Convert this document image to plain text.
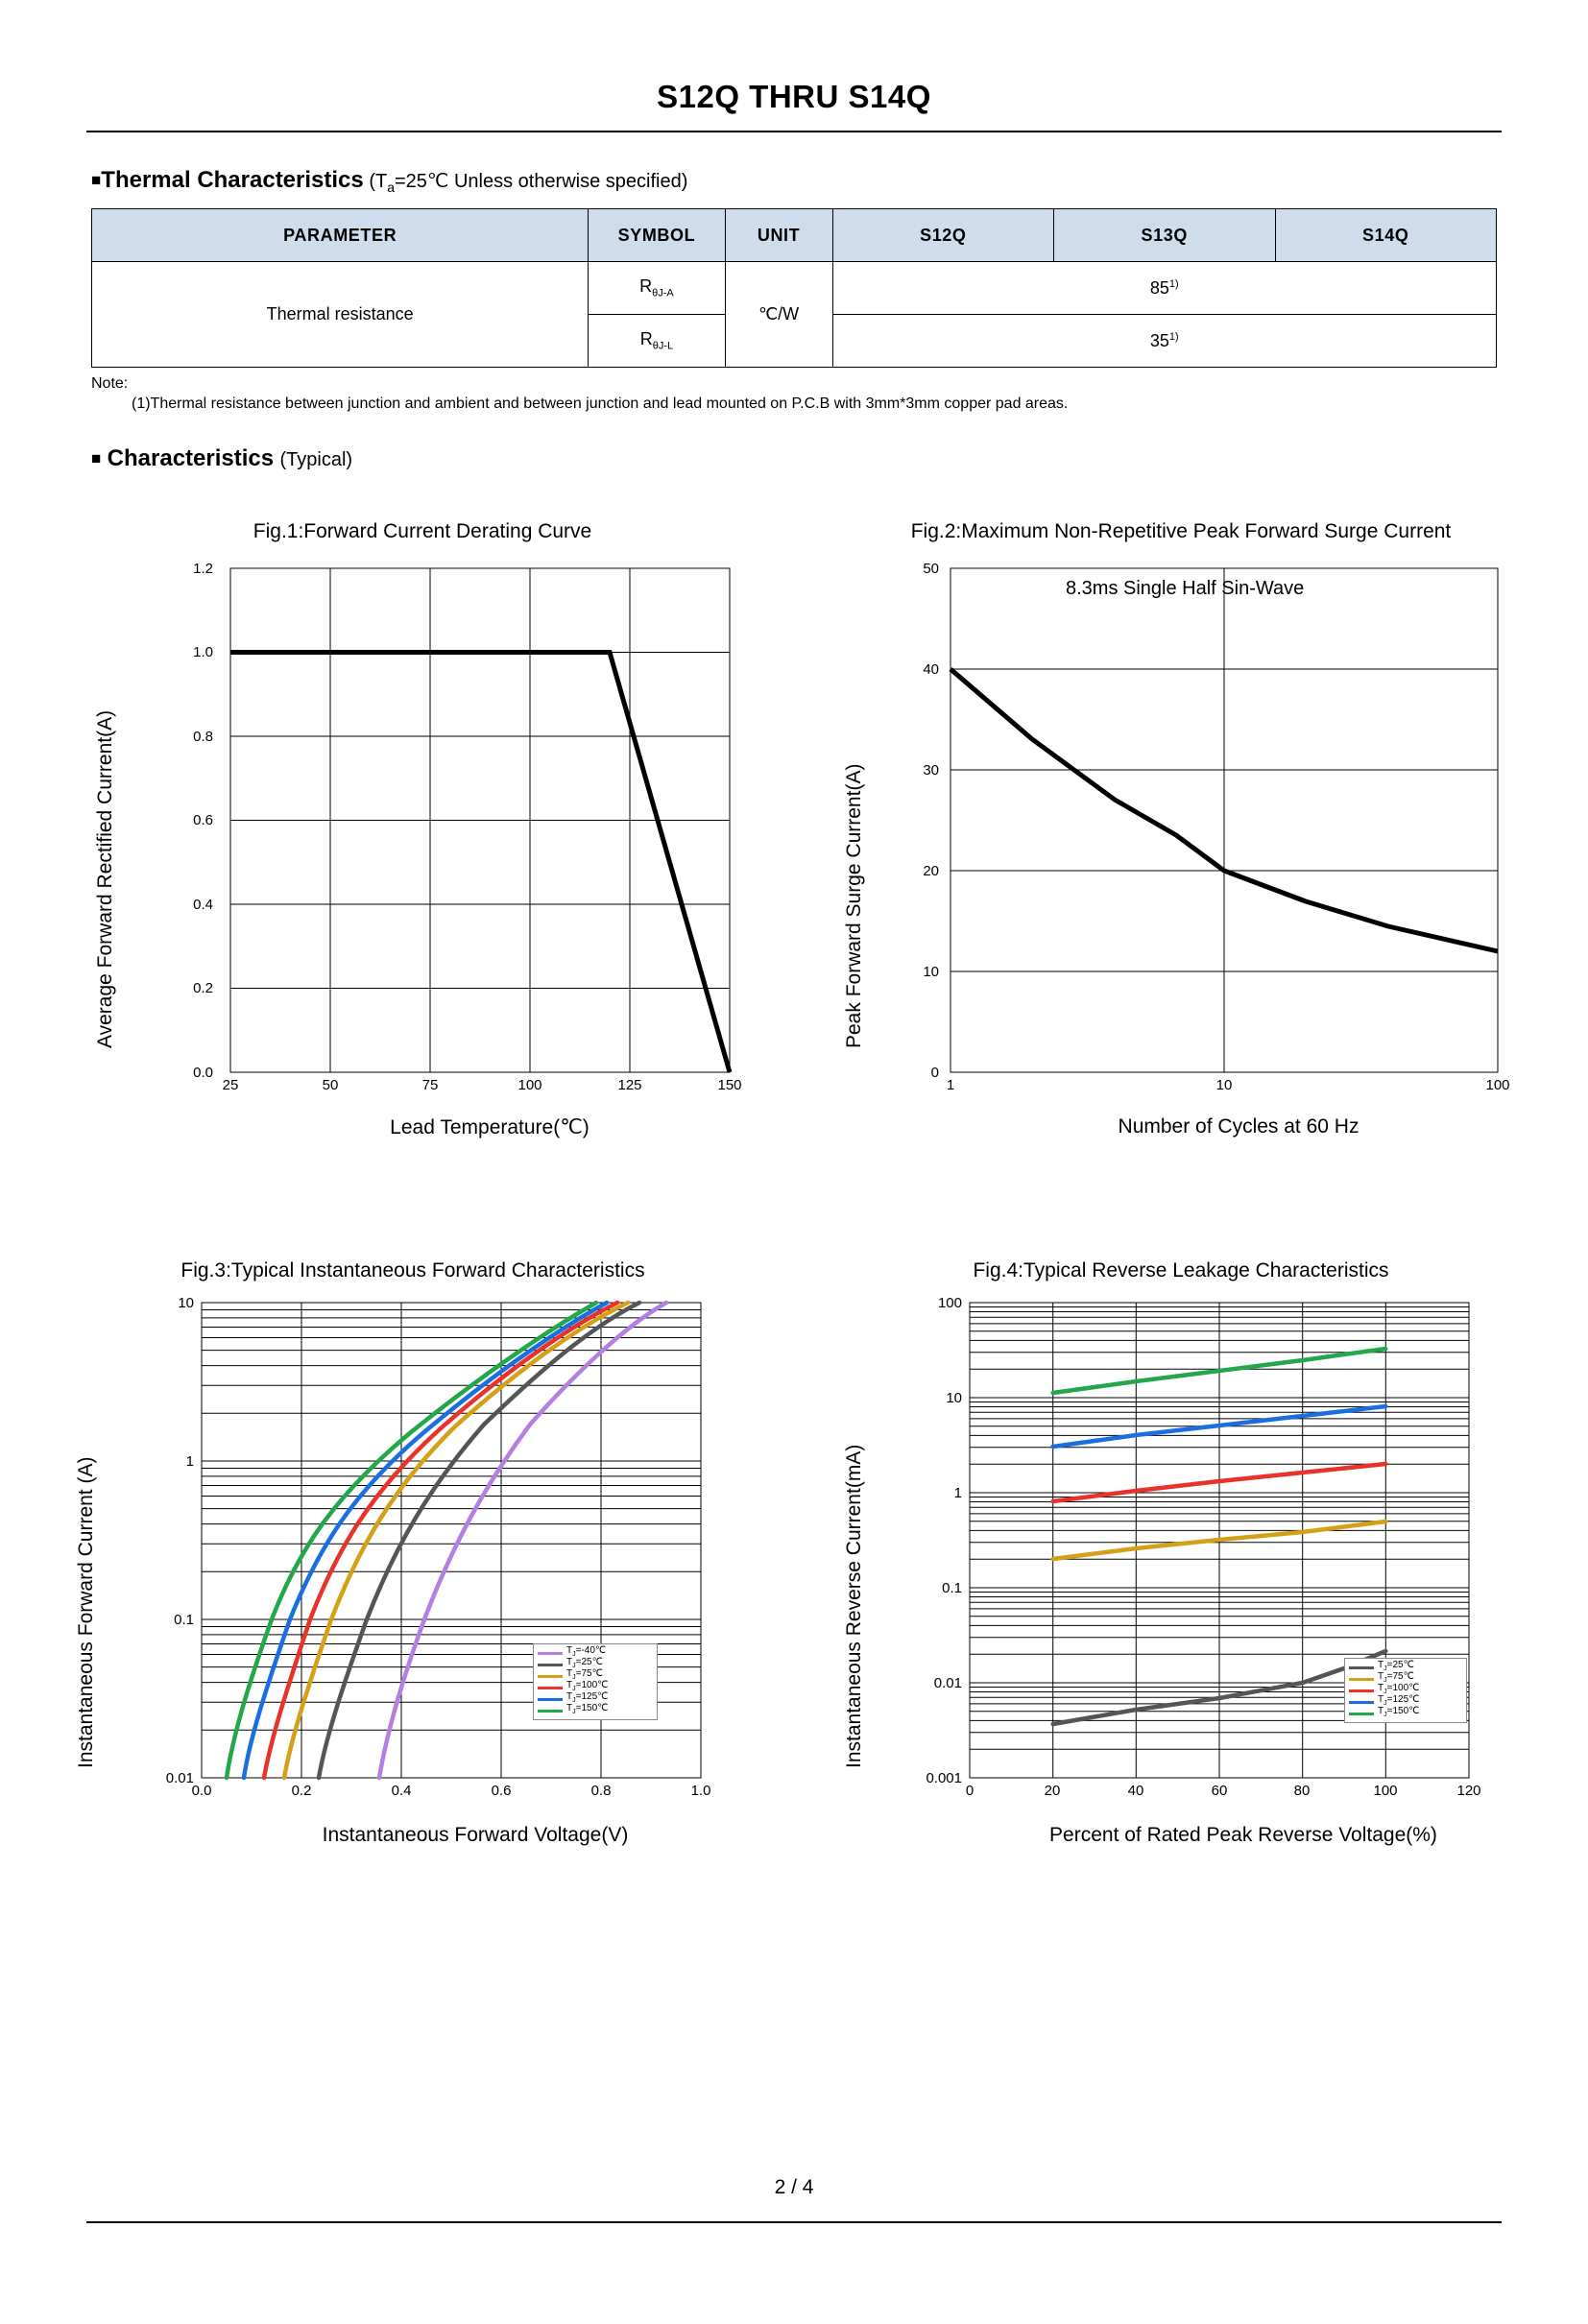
S12Q THRU S14Q
■Thermal Characteristics ($T_a=25℃$ Unless otherwise specified)
PARAMETER	SYMBOL	UNIT	S12Q	S13Q	S14Q
Thermal resistance	$R_{\theta J-A}$	℃/W	85$^{1)}$
	$R_{\theta J-L}$		35$^{1)}$
Note:
(1)Thermal resistance between junction and ambient and between junction and lead mounted on P.C.B with 3mm*3mm copper pad areas.
■ Characteristics (Typical)
Fig.1:Forward Current Derating Curve
Average Forward Rectified Current(A)
0.0
0.2
0.4
0.6
0.8
1.0
1.2
25	50	75	100	125	150
Lead Temperature(℃)
Fig.2:Maximum Non-Repetitive Peak Forward Surge Current
Peak Forward Surge Current(A)
0
10
20
30
40
50
1	10	100
8.3ms Single Half Sin-Wave
Number of Cycles at 60 Hz
Fig.3:Typical Instantaneous Forward Characteristics
Instantaneous Forward Current (A)
0.01
0.1
1
10
0.0	0.2	0.4	0.6	0.8	1.0
$T_J=-40℃$
$T_J=25℃$
$T_J=75℃$
$T_J=100℃$
$T_J=125℃$
$T_J=150℃$
Instantaneous Forward Voltage(V)
Fig.4:Typical Reverse Leakage Characteristics
Instantaneous Reverse Current(mA)
0.001
0.01
0.1
1
10
100
0	20	40	60	80	100	120
$T_J=25℃$
$T_J=75℃$
$T_J=100℃$
$T_J=125℃$
$T_J=150℃$
Percent of Rated Peak Reverse Voltage(%)
2 / 4
